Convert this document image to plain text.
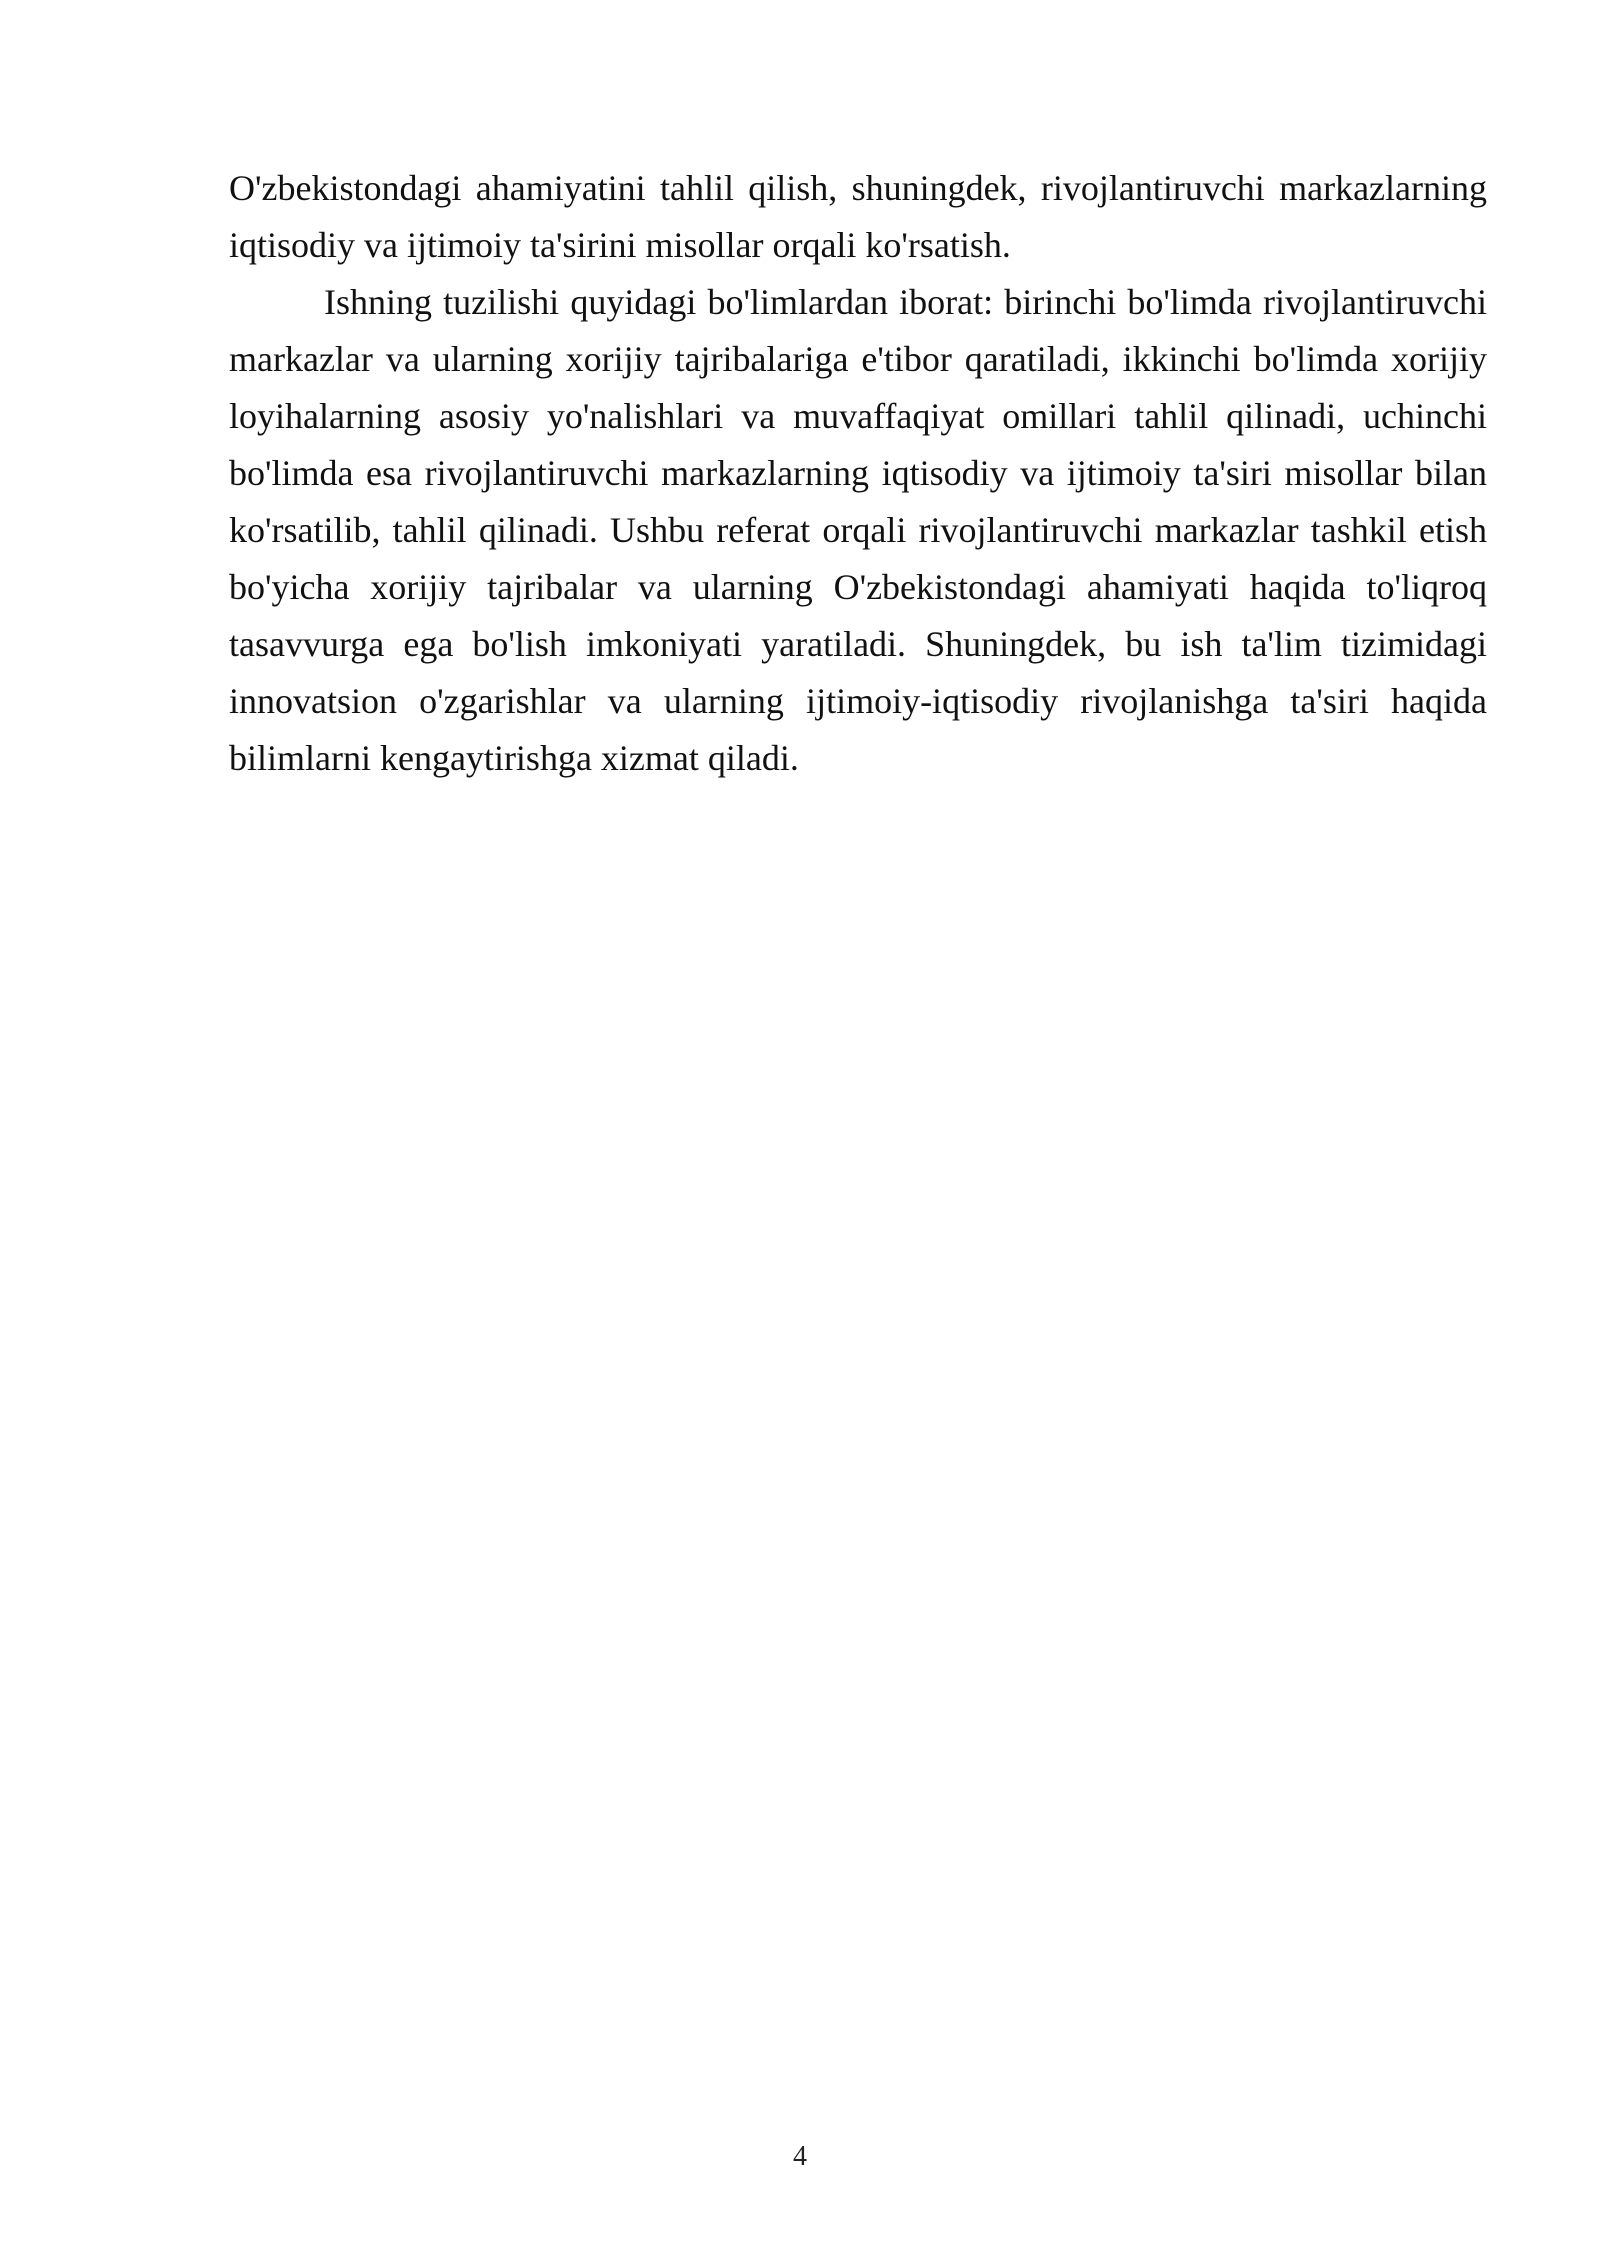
O'zbekistondagi ahamiyatini tahlil qilish, shuningdek, rivojlantiruvchi markazlarning iqtisodiy va ijtimoiy ta'sirini misollar orqali ko'rsatish.

Ishning tuzilishi quyidagi bo'limlardan iborat: birinchi bo'limda rivojlantiruvchi markazlar va ularning xorijiy tajribalariga e'tibor qaratiladi, ikkinchi bo'limda xorijiy loyihalarning asosiy yo'nalishlari va muvaffaqiyat omillari tahlil qilinadi, uchinchi bo'limda esa rivojlantiruvchi markazlarning iqtisodiy va ijtimoiy ta'siri misollar bilan ko'rsatilib, tahlil qilinadi. Ushbu referat orqali rivojlantiruvchi markazlar tashkil etish bo'yicha xorijiy tajribalar va ularning O'zbekistondagi ahamiyati haqida to'liqroq tasavvurga ega bo'lish imkoniyati yaratiladi. Shuningdek, bu ish ta'lim tizimidagi innovatsion o'zgarishlar va ularning ijtimoiy-iqtisodiy rivojlanishga ta'siri haqida bilimlarni kengaytirishga xizmat qiladi.

4
